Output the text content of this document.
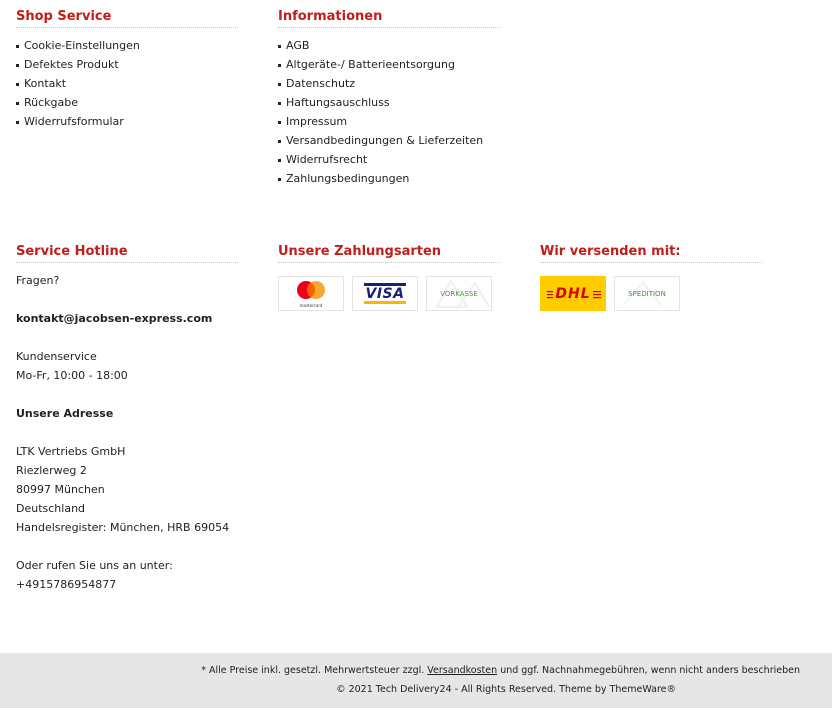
Shop Service
Cookie-Einstellungen
Defektes Produkt
Kontakt
Rückgabe
Widerrufsformular
Informationen
AGB
Altgeräte-/ Batterieentsorgung
Datenschutz
Haftungsauschluss
Impressum
Versandbedingungen & Lieferzeiten
Widerrufsrecht
Zahlungsbedingungen
Service Hotline
Fragen?
kontakt@jacobsen-express.com
Kundenservice
Mo-Fr, 10:00 - 18:00
Unsere Adresse
LTK Vertriebs GmbH
Riezlerweg 2
80997 München
Deutschland
Handelsregister: München, HRB 69054
Oder rufen Sie uns an unter:
+4915786954877
Unsere Zahlungsarten
mastercard
VISA	VORKASSE
Wir versenden mit:
DHL	SPEDITION
* Alle Preise inkl. gesetzl. Mehrwertsteuer zzgl. Versandkosten und ggf. Nachnahmegebühren, wenn nicht anders beschrieben
© 2021 Tech Delivery24 - All Rights Reserved. Theme by ThemeWare®
